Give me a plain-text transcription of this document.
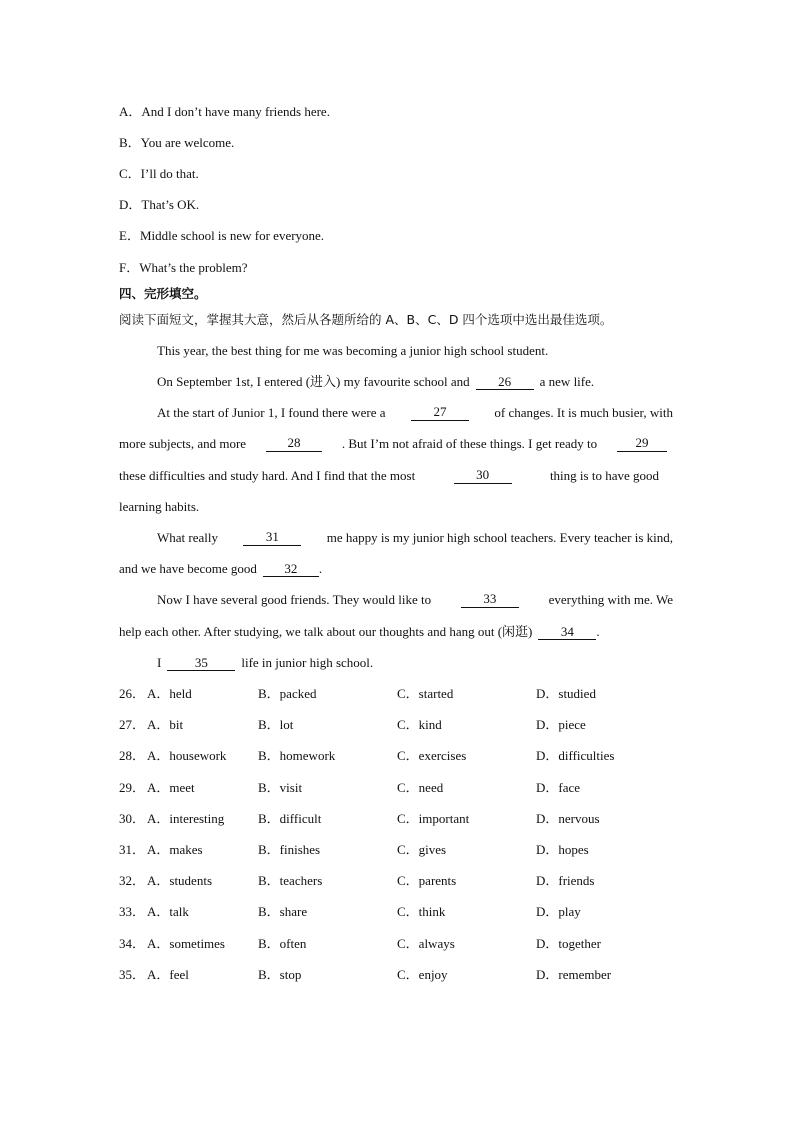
A．And I don’t have many friends here.
B．You are welcome.
C．I’ll do that.
D．That’s OK.
E．Middle school is new for everyone.
F．What’s the problem?
四、完形填空。
阅读下面短文，掌握其大意，然后从各题所给的 A、B、C、D 四个选项中选出最佳选项。
This year, the best thing for me was becoming a junior high school student.
On September 1st, I entered (进入) my favourite school and 26 a new life.
At the start of Junior 1, I found there were a	27	of changes. It is much busier, with
more subjects, and more	28	. But I’m not afraid of these things. I get ready to	29
these difficulties and study hard. And I find that the most	30	thing is to have good
learning habits.
What really	31	me happy is my junior high school teachers. Every teacher is kind,
and we have become good 32 .
Now I have several good friends. They would like to	33	everything with me. We
help each other. After studying, we talk about our thoughts and hang out (闲逛) 34 .
I	35	life in junior high school.
26． A．held	B．packed	C．started	D．studied
27． A．bit	B．lot	C．kind	D．piece
28． A．housework B．homework	C．exercises	D．difficulties
29． A．meet	B．visit	C．need	D．face
30． A．interesting	B．difficult	C．important	D．nervous
31． A．makes	B．finishes	C．gives	D．hopes
32． A．students	B．teachers	C．parents	D．friends
33． A．talk	B．share	C．think	D．play
34． A．sometimes	B．often	C．always	D．together
35． A．feel	B．stop	C．enjoy	D．remember
